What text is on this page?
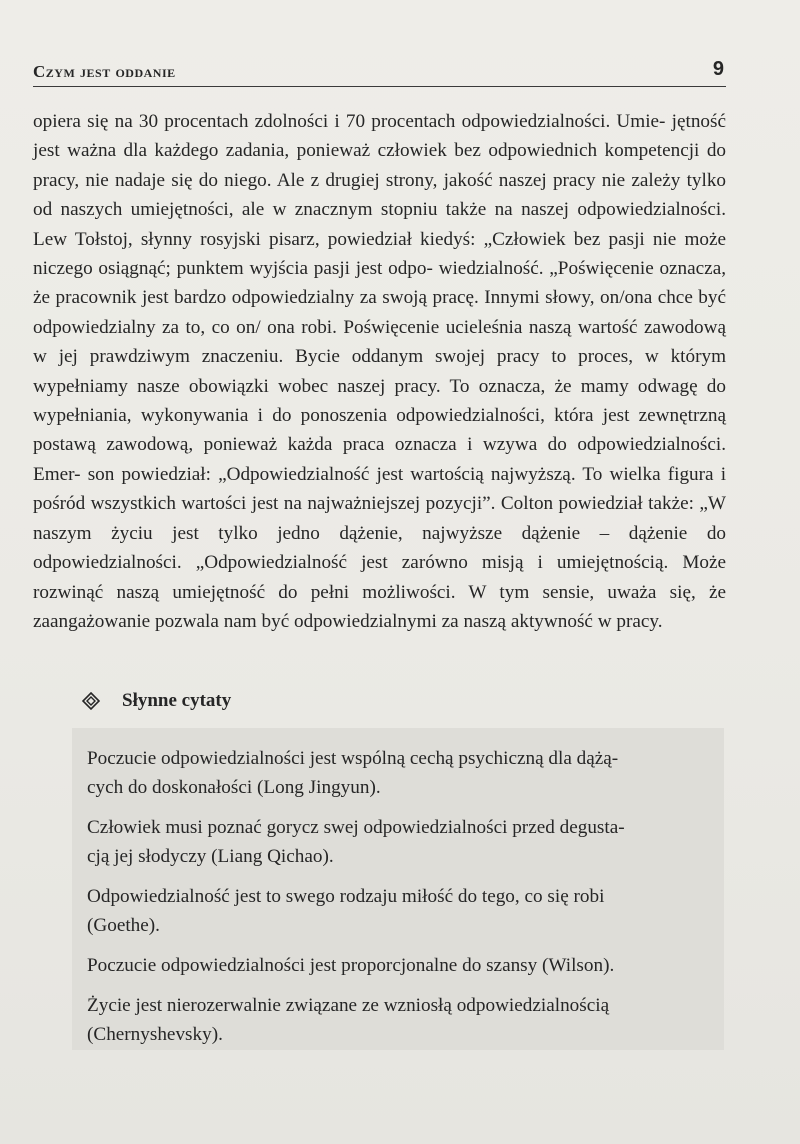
Czym jest oddanie	9

opiera się na 30 procentach zdolności i 70 procentach odpowiedzialności. Umie- jętność jest ważna dla każdego zadania, ponieważ człowiek bez odpowiednich kompetencji do pracy, nie nadaje się do niego. Ale z drugiej strony, jakość naszej pracy nie zależy tylko od naszych umiejętności, ale w znacznym stopniu także na naszej odpowiedzialności. Lew Tołstoj, słynny rosyjski pisarz, powiedział kiedyś: „Człowiek bez pasji nie może niczego osiągnąć; punktem wyjścia pasji jest odpo- wiedzialność. „Poświęcenie oznacza, że pracownik jest bardzo odpowiedzialny za swoją pracę. Innymi słowy, on/ona chce być odpowiedzialny za to, co on/ ona robi. Poświęcenie ucieleśnia naszą wartość zawodową w jej prawdziwym znaczeniu. Bycie oddanym swojej pracy to proces, w którym wypełniamy nasze obowiązki wobec naszej pracy. To oznacza, że mamy odwagę do wypełniania, wykonywania i do ponoszenia odpowiedzialności, która jest zewnętrzną postawą zawodową, ponieważ każda praca oznacza i wzywa do odpowiedzialności. Emer- son powiedział: „Odpowiedzialność jest wartością najwyższą. To wielka figura i pośród wszystkich wartości jest na najważniejszej pozycji”. Colton powiedział także: „W naszym życiu jest tylko jedno dążenie, najwyższe dążenie – dążenie do odpowiedzialności. „Odpowiedzialność jest zarówno misją i umiejętnością. Może rozwinąć naszą umiejętność do pełni możliwości. W tym sensie, uważa się, że zaangażowanie pozwala nam być odpowiedzialnymi za naszą aktywność w pracy.

Słynne cytaty

Poczucie odpowiedzialności jest wspólną cechą psychiczną dla dążą-
cych do doskonałości (Long Jingyun).

Człowiek musi poznać gorycz swej odpowiedzialności przed degusta-
cją jej słodyczy (Liang Qichao).

Odpowiedzialność jest to swego rodzaju miłość do tego, co się robi
(Goethe).

Poczucie odpowiedzialności jest proporcjonalne do szansy (Wilson).

Życie jest nierozerwalnie związane ze wzniosłą odpowiedzialnością
(Chernyshevsky).
